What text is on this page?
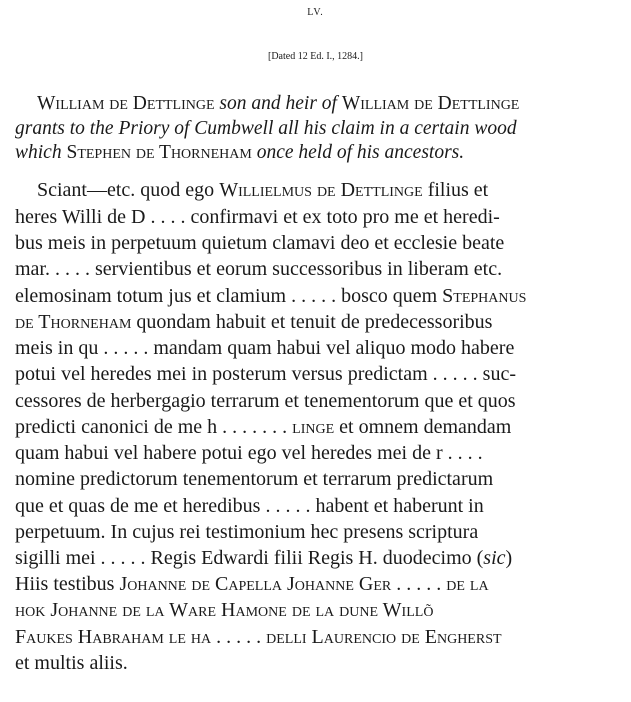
LV.
[Dated 12 Ed. I., 1284.]
William de Dettlinge son and heir of William de Dettlinge
grants to the Priory of Cumbwell all his claim in a certain wood
which Stephen de Thorneham once held of his ancestors.
Sciant—etc. quod ego Willielmus de Dettlinge filius et
heres Willi de D . . . . confirmavi et ex toto pro me et heredi-
bus meis in perpetuum quietum clamavi deo et ecclesie beate
mar. . . . . servientibus et eorum successoribus in liberam etc.
elemosinam totum jus et clamium . . . . . bosco quem Stephanus
de Thorneham quondam habuit et tenuit de predecessoribus
meis in qu . . . . . mandam quam habui vel aliquo modo habere
potui vel heredes mei in posterum versus predictam . . . . . suc-
cessores de herbergagio terrarum et tenementorum que et quos
predicti canonici de me h . . . . . . . linge et omnem demandam
quam habui vel habere potui ego vel heredes mei de r . . . .
nomine predictorum tenementorum et terrarum predictarum
que et quas de me et heredibus . . . . . habent et haberunt in
perpetuum. In cujus rei testimonium hec presens scriptura
sigilli mei . . . . . Regis Edwardi filii Regis H. duodecimo (sic)
Hiis testibus Johanne de Capella Johanne Ger . . . . . de la
hok Johanne de la Ware Hamone de la dune Willõ
Faukes Habraham le ha . . . . . delli Laurencio de Engherst
et multis aliis.
